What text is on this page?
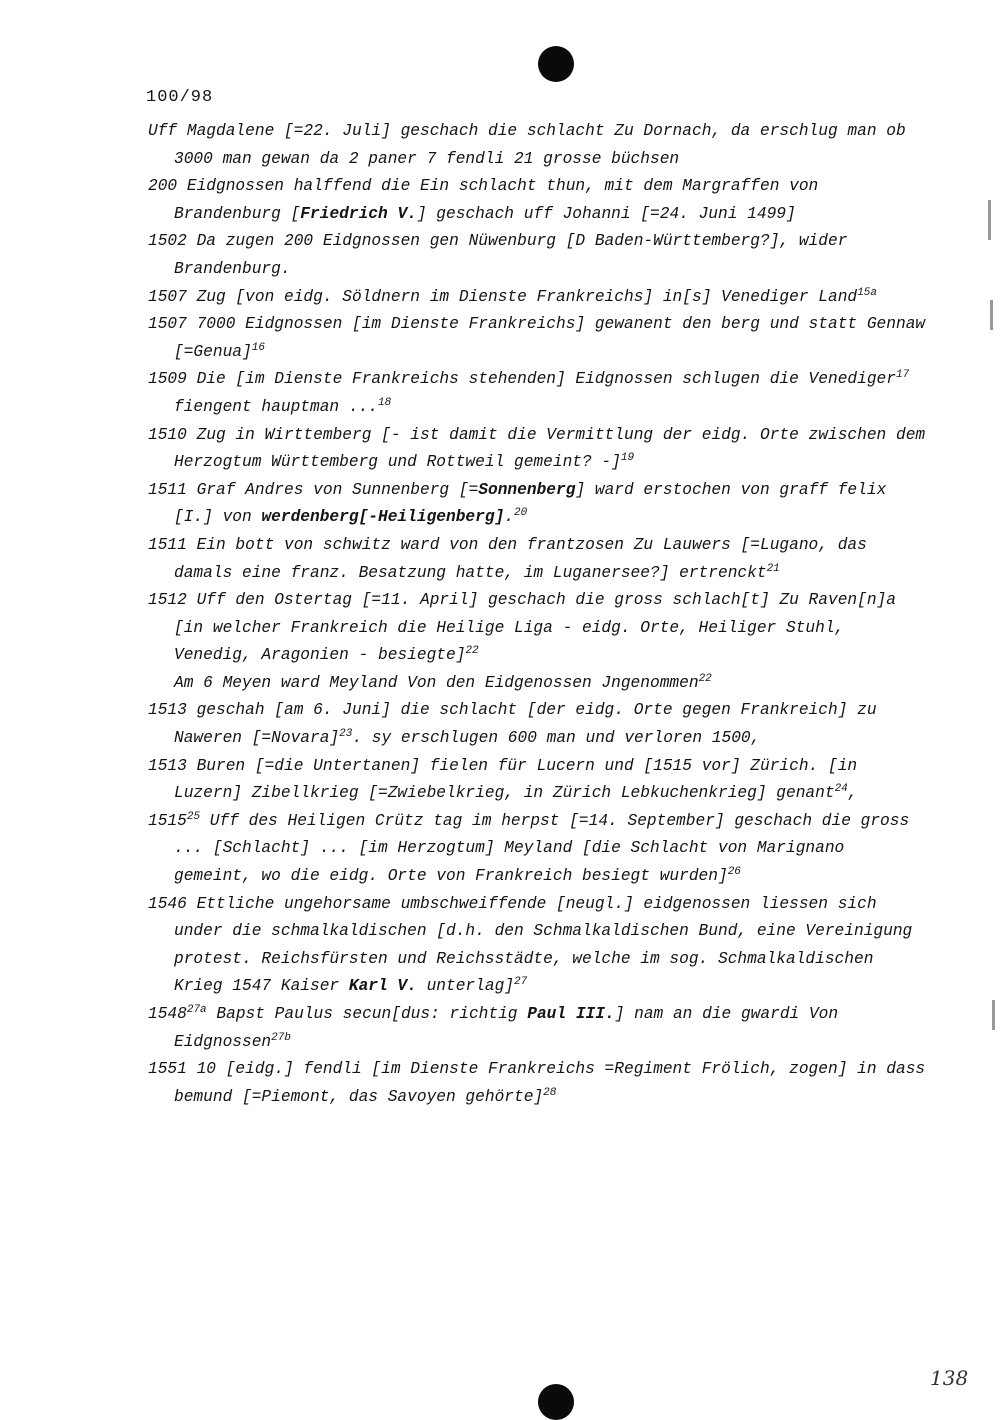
100/98
Uff Magdalene [=22. Juli] geschach die schlacht Zu Dornach, da erschlug man ob 3000 man gewan da 2 paner 7 fendli 21 grosse büchsen
200 Eidgnossen halffend die Ein schlacht thun, mit dem Margraffen von Brandenburg [Friedrich V.] geschach uff Johanni [=24. Juni 1499]
1502 Da zugen 200 Eidgnossen gen Nüwenburg [D Baden-Württemberg?], wider Brandenburg.
1507 Zug [von eidg. Söldnern im Dienste Frankreichs] in[s] Venediger Land$^{15a}$
1507 7000 Eidgnossen [im Dienste Frankreichs] gewanent den berg und statt Gennaw [=Genua]$^{16}$
1509 Die [im Dienste Frankreichs stehenden] Eidgnossen schlugen die Venediger$^{17}$ fiengent hauptman ...$^{18}$
1510 Zug in Wirttemberg [- ist damit die Vermittlung der eidg. Orte zwischen dem Herzogtum Württemberg und Rottweil gemeint? -]$^{19}$
1511 Graf Andres von Sunnenberg [=Sonnenberg] ward erstochen von graff felix [I.] von werdenberg[-Heiligenberg].$^{20}$
1511 Ein bott von schwitz ward von den frantzosen Zu Lauwers [=Lugano, das damals eine franz. Besatzung hatte, im Luganersee?] ertrenckt$^{21}$
1512 Uff den Ostertag [=11. April] geschach die gross schlach[t] Zu Raven[n]a [in welcher Frankreich die Heilige Liga - eidg. Orte, Heiliger Stuhl, Venedig, Aragonien - besiegte]$^{22}$
Am 6 Meyen ward Meyland Von den Eidgenossen Jngenommen$^{22}$
1513 geschah [am 6. Juni] die schlacht [der eidg. Orte gegen Frankreich] zu Naweren [=Novara]$^{23}$. sy erschlugen 600 man und verloren 1500,
1513 Buren [=die Untertanen] fielen für Lucern und [1515 vor] Zürich. [in Luzern] Zibellkrieg [=Zwiebelkrieg, in Zürich Lebkuchenkrieg] genant$^{24}$,
1515$^{25}$ Uff des Heiligen Crütz tag im herpst [=14. September] geschach die gross ... [Schlacht] ... [im Herzogtum] Meyland [die Schlacht von Marignano gemeint, wo die eidg. Orte von Frankreich besiegt wurden]$^{26}$
1546 Ettliche ungehorsame umbschweiffende [neugl.] eidgenossen liessen sich under die schmalkaldischen [d.h. den Schmalkaldischen Bund, eine Vereinigung protest. Reichsfürsten und Reichsstädte, welche im sog. Schmalkaldischen Krieg 1547 Kaiser Karl V. unterlag]$^{27}$
$1548^{27a}$ Bapst Paulus secun[dus: richtig Paul III.] nam an die gwardi Von Eidgnossen$^{27b}$
1551 10 [eidg.] fendli [im Dienste Frankreichs =Regiment Frölich, zogen] in dass bemund [=Piemont, das Savoyen gehörte]$^{28}$
138
